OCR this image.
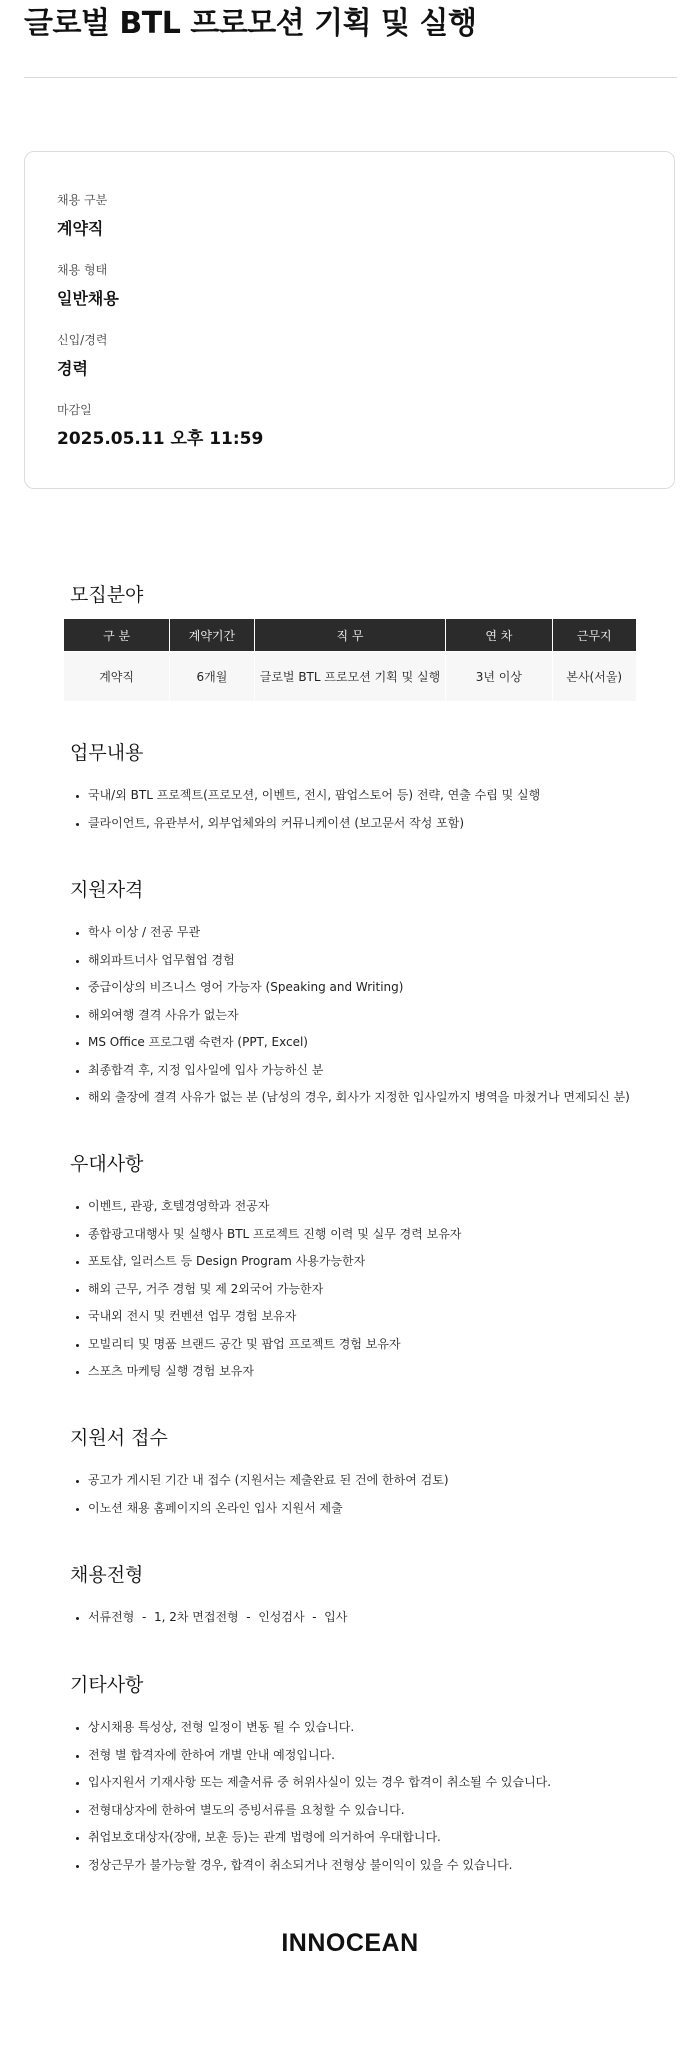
글로벌 BTL 프로모션 기획 및 실행
채용 구분
계약직
채용 형태
일반채용
신입/경력
경력
마감일
2025.05.11 오후 11:59
모집분야
구 분	계약기간	직 무	연 차	근무지
계약직	6개월	글로벌 BTL 프로모션 기획 및 실행	3년 이상	본사(서울)
업무내용
국내/외 BTL 프로젝트(프로모션, 이벤트, 전시, 팝업스토어 등) 전략, 연출 수립 및 실행
클라이언트, 유관부서, 외부업체와의 커뮤니케이션 (보고문서 작성 포함)
지원자격
학사 이상 / 전공 무관
해외파트너사 업무협업 경험
중급이상의 비즈니스 영어 가능자 (Speaking and Writing)
해외여행 결격 사유가 없는자
MS Office 프로그램 숙련자 (PPT, Excel)
최종합격 후, 지정 입사일에 입사 가능하신 분
해외 출장에 결격 사유가 없는 분 (남성의 경우, 회사가 지정한 입사일까지 병역을 마쳤거나 면제되신 분)
우대사항
이벤트, 관광, 호텔경영학과 전공자
종합광고대행사 및 실행사 BTL 프로젝트 진행 이력 및 실무 경력 보유자
포토샵, 일러스트 등 Design Program 사용가능한자
해외 근무, 거주 경험 및 제 2외국어 가능한자
국내외 전시 및 컨벤션 업무 경험 보유자
모빌리티 및 명품 브랜드 공간 및 팝업 프로젝트 경험 보유자
스포츠 마케팅 실행 경험 보유자
지원서 접수
공고가 게시된 기간 내 접수 (지원서는 제출완료 된 건에 한하여 검토)
이노션 채용 홈페이지의 온라인 입사 지원서 제출
채용전형
서류전형  -  1, 2차 면접전형  -  인성검사  -  입사
기타사항
상시채용 특성상, 전형 일정이 변동 될 수 있습니다.
전형 별 합격자에 한하여 개별 안내 예정입니다.
입사지원서 기재사항 또는 제출서류 중 허위사실이 있는 경우 합격이 취소될 수 있습니다.
전형대상자에 한하여 별도의 증빙서류를 요청할 수 있습니다.
취업보호대상자(장애, 보훈 등)는 관계 법령에 의거하여 우대합니다.
정상근무가 불가능할 경우, 합격이 취소되거나 전형상 불이익이 있을 수 있습니다.
INNOCEAN
